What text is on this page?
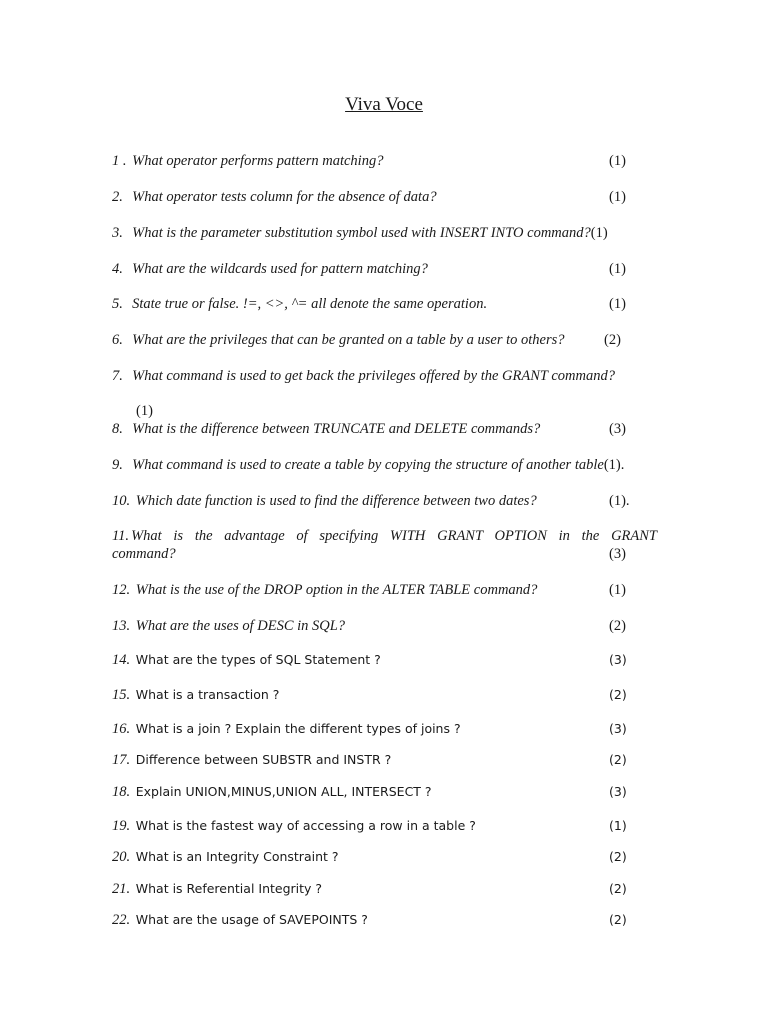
Viva Voce
1 . What operator performs pattern matching?	(1)
2. What operator tests column for the absence of data?	(1)
3. What is the parameter substitution symbol used with INSERT INTO command?(1)
4. What are the wildcards used for pattern matching?	(1)
5. State true or false. !=, <>, ^= all denote the same operation.	(1)
6. What are the privileges that can be granted on a table by a user to others?	(2)
7. What command is used to get back the privileges offered by the GRANT command?
(1)
8. What is the difference between TRUNCATE and DELETE commands?	(3)
9. What command is used to create a table by copying the structure of another table(1).
10. Which date function is used to find the difference between two dates?	(1).
11. What is the advantage of specifying WITH GRANT OPTION in the GRANT
command?	(3)
12. What is the use of the DROP option in the ALTER TABLE command?	(1)
13. What are the uses of DESC in SQL?	(2)
14. What are the types of SQL Statement ?	(3)
15. What is a transaction ?	(2)
16. What is a join ? Explain the different types of joins ?	(3)
17. Difference between SUBSTR and INSTR ?	(2)
18. Explain UNION,MINUS,UNION ALL, INTERSECT ?	(3)
19. What is the fastest way of accessing a row in a table ?	(1)
20. What is an Integrity Constraint ?	(2)
21. What is Referential Integrity ?	(2)
22. What are the usage of SAVEPOINTS ?	(2)
